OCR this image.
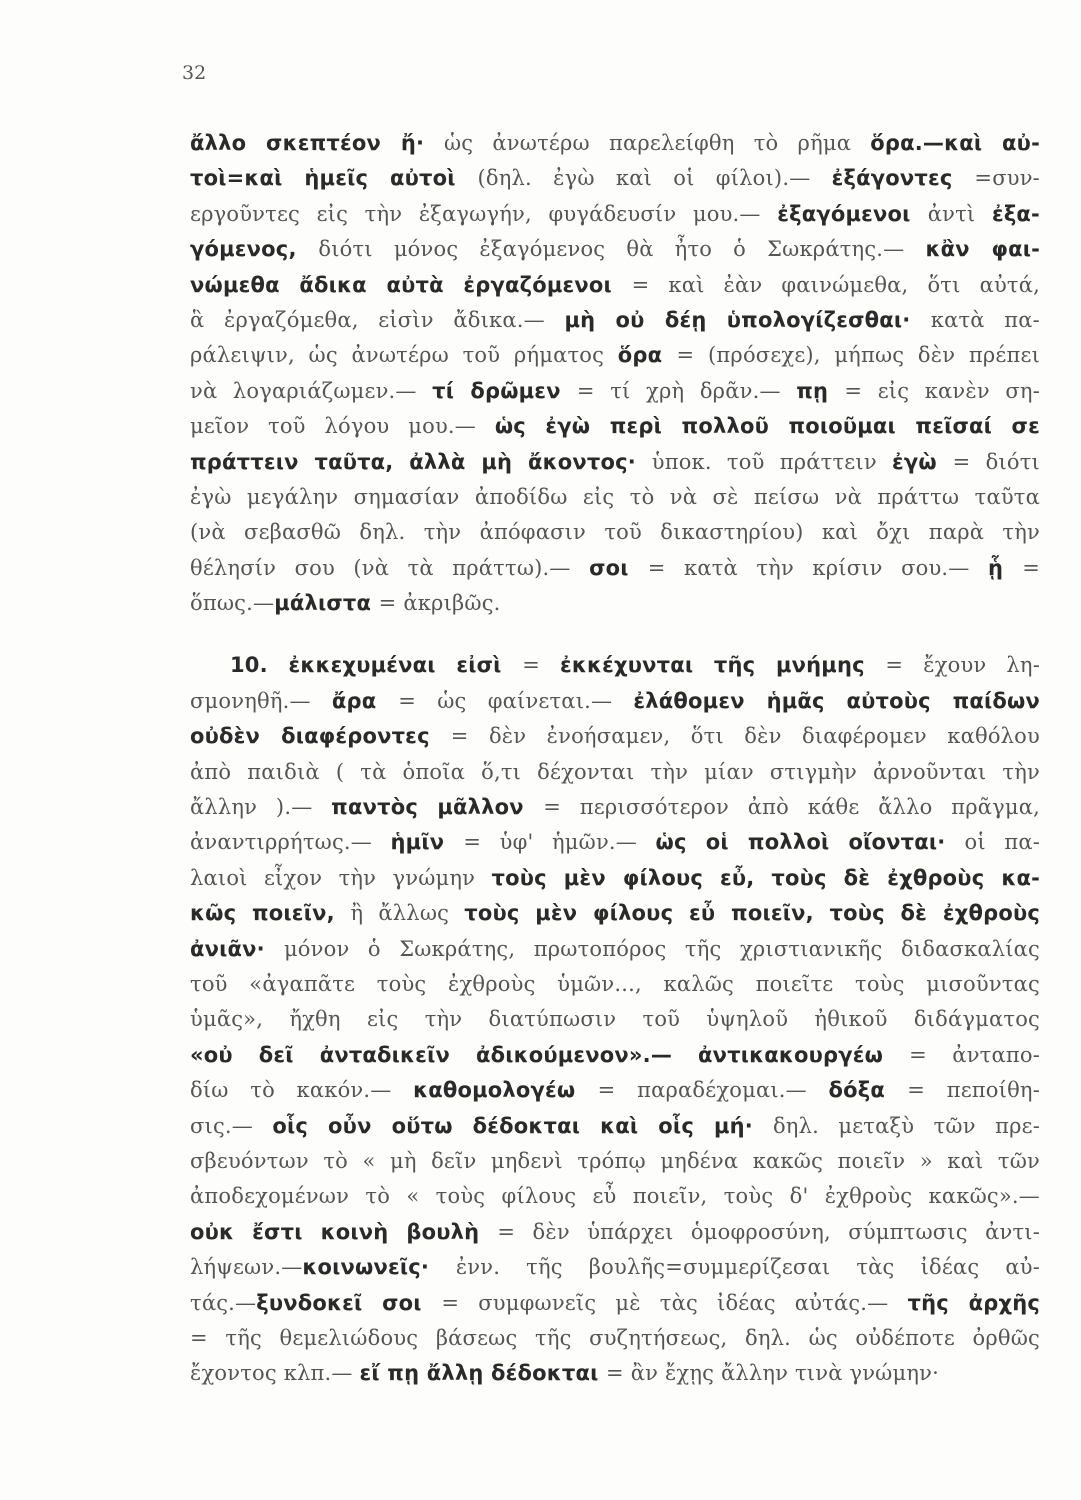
32
ἄλλο σκεπτέον ἤ· ὡς ἀνωτέρω παρελείφθη τὸ ρῆμα ὅρα.—καὶ αὐ-
τοὶ=καὶ ἡμεῖς αὐτοὶ (δηλ. ἐγὼ καὶ οἱ φίλοι).— ἐξάγοντες =συν-
εργοῦντες εἰς τὴν ἐξαγωγήν, φυγάδευσίν μου.— ἐξαγόμενοι ἀντὶ ἐξα-
γόμενος, διότι μόνος ἐξαγόμενος θὰ ἦτο ὁ Σωκράτης.— κἂν φαι-
νώμεθα ἄδικα αὐτὰ ἐργαζόμενοι = καὶ ἐὰν φαινώμεθα, ὅτι αὐτά,
ἃ ἐργαζόμεθα, εἰσὶν ἄδικα.— μὴ οὐ δέῃ ὑπολογίζεσθαι· κατὰ πα-
ράλειψιν, ὡς ἀνωτέρω τοῦ ρήματος ὅρα = (πρόσεχε), μήπως δὲν πρέπει
νὰ λογαριάζωμεν.— τί δρῶμεν = τί χρὴ δρᾶν.— πῃ = εἰς κανὲν ση-
μεῖον τοῦ λόγου μου.— ὡς ἐγὼ περὶ πολλοῦ ποιοῦμαι πεῖσαί σε
πράττειν ταῦτα, ἀλλὰ μὴ ἄκοντος· ὑποκ. τοῦ πράττειν ἐγὼ = διότι
ἐγὼ μεγάλην σημασίαν ἀποδίδω εἰς τὸ νὰ σὲ πείσω νὰ πράττω ταῦτα
(νὰ σεβασθῶ δηλ. τὴν ἀπόφασιν τοῦ δικαστηρίου) καὶ ὄχι παρὰ τὴν
θέλησίν σου (νὰ τὰ πράττω).— σοι = κατὰ τὴν κρίσιν σου.— ᾗ =
ὅπως.—μάλιστα = ἀκριβῶς.
10. ἐκκεχυμέναι εἰσὶ = ἐκκέχυνται τῆς μνήμης = ἔχουν λη-
σμονηθῆ.— ἄρα = ὡς φαίνεται.— ἐλάθομεν ἡμᾶς αὐτοὺς παίδων
οὐδὲν διαφέροντες = δὲν ἐνοήσαμεν, ὅτι δὲν διαφέρομεν καθόλου
ἀπὸ παιδιὰ ( τὰ ὁποῖα ὅ,τι δέχονται τὴν μίαν στιγμὴν ἀρνοῦνται τὴν
ἄλλην ).— παντὸς μᾶλλον = περισσότερον ἀπὸ κάθε ἄλλο πρᾶγμα,
ἀναντιρρήτως.— ἡμῖν = ὑφ' ἡμῶν.— ὡς οἱ πολλοὶ οἴονται· οἱ πα-
λαιοὶ εἶχον τὴν γνώμην τοὺς μὲν φίλους εὖ, τοὺς δὲ ἐχθροὺς κα-
κῶς ποιεῖν, ἢ ἄλλως τοὺς μὲν φίλους εὖ ποιεῖν, τοὺς δὲ ἐχθροὺς
ἀνιᾶν· μόνον ὁ Σωκράτης, πρωτοπόρος τῆς χριστιανικῆς διδασκαλίας
τοῦ «ἀγαπᾶτε τοὺς ἐχθροὺς ὑμῶν..., καλῶς ποιεῖτε τοὺς μισοῦντας
ὑμᾶς», ἤχθη εἰς τὴν διατύπωσιν τοῦ ὑψηλοῦ ἠθικοῦ διδάγματος
«οὐ δεῖ ἀνταδικεῖν ἀδικούμενον».— ἀντικακουργέω = ἀνταπο-
δίω τὸ κακόν.— καθομολογέω = παραδέχομαι.— δόξα = πεποίθη-
σις.— οἷς οὖν οὕτω δέδοκται καὶ οἷς μή· δηλ. μεταξὺ τῶν πρε-
σβευόντων τὸ « μὴ δεῖν μηδενὶ τρόπῳ μηδένα κακῶς ποιεῖν » καὶ τῶν
ἀποδεχομένων τὸ « τοὺς φίλους εὖ ποιεῖν, τοὺς δ' ἐχθροὺς κακῶς».—
οὐκ ἔστι κοινὴ βουλὴ = δὲν ὑπάρχει ὁμοφροσύνη, σύμπτωσις ἀντι-
λήψεων.—κοινωνεῖς· ἐνν. τῆς βουλῆς=συμμερίζεσαι τὰς ἰδέας αὐ-
τάς.—ξυνδοκεῖ σοι = συμφωνεῖς μὲ τὰς ἰδέας αὐτάς.— τῆς ἀρχῆς
= τῆς θεμελιώδους βάσεως τῆς συζητήσεως, δηλ. ὡς οὐδέποτε ὀρθῶς
ἔχοντος κλπ.— εἴ πῃ ἄλλῃ δέδοκται = ἂν ἔχῃς ἄλλην τινὰ γνώμην·
